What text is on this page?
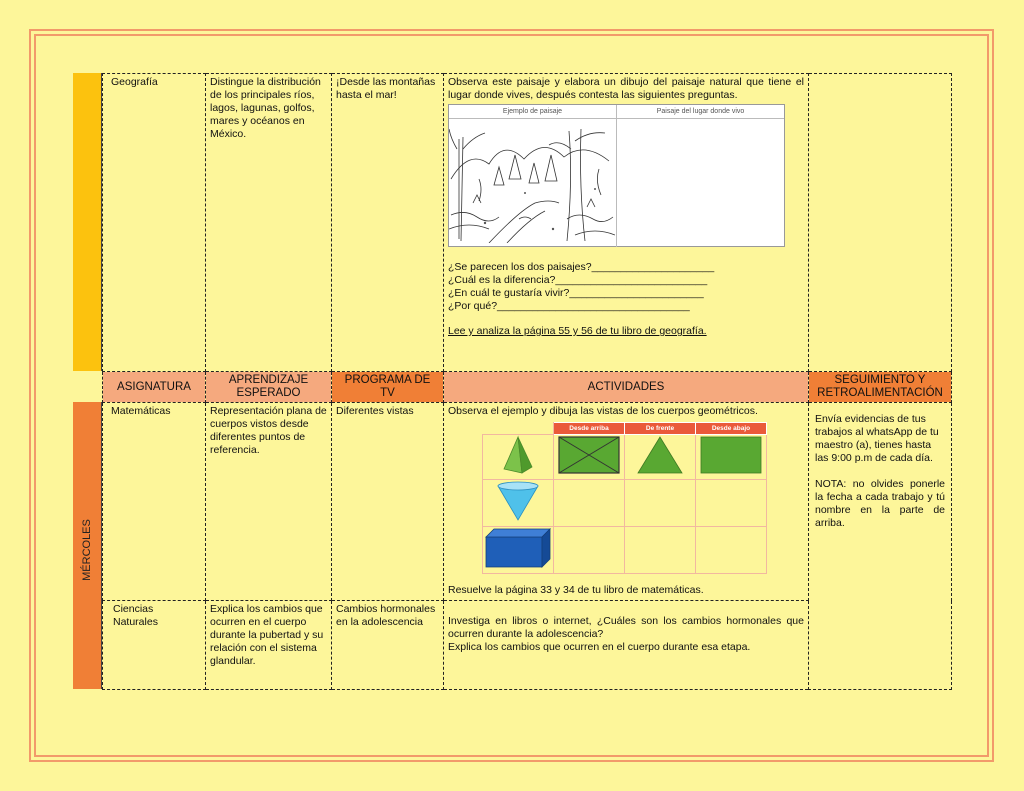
MÉRCOLES
Geografía	Distingue la distribución de los principales ríos, lagos, lagunas, golfos, mares y océanos en México.	¡Desde las montañas hasta el mar!	
Observa este paisaje y elabora un dibujo del paisaje natural que tiene el lugar donde vives, después contesta las siguientes preguntas.
Ejemplo de paisaje	Paisaje del lugar donde vivo
¿Se parecen los dos paisajes?_____________________
¿Cuál es la diferencia?__________________________
¿En cuál te gustaría vivir?_______________________
¿Por qué?_________________________________
Lee y analiza la página 55 y 56 de tu libro de geografía.

ASIGNATURA	APRENDIZAJE ESPERADO	PROGRAMA DE TV	ACTIVIDADES	SEGUIMIENTO Y RETROALIMENTACIÓN
Matemáticas	Representación plana de cuerpos vistos desde diferentes puntos de referencia.	Diferentes vistas	Observa el ejemplo y dibuja las vistas de los cuerpos geométricos.
	Desde arriba	De frente	Desde abajo

Resuelve la página 33 y 34 de tu libro de matemáticas.

Envía evidencias de tus trabajos al whatsApp de tu maestro (a), tienes hasta las 9:00 p.m de cada día.
NOTA: no olvides ponerle la fecha a cada trabajo y tú nombre en la parte de arriba.

Ciencias Naturales	Explica los cambios que ocurren en el cuerpo durante la pubertad y su relación con el sistema glandular.	Cambios hormonales en la adolescencia	Investiga en libros o internet, ¿Cuáles son los cambios hormonales que ocurren durante la adolescencia?
Explica los cambios que ocurren en el cuerpo durante esa etapa.
